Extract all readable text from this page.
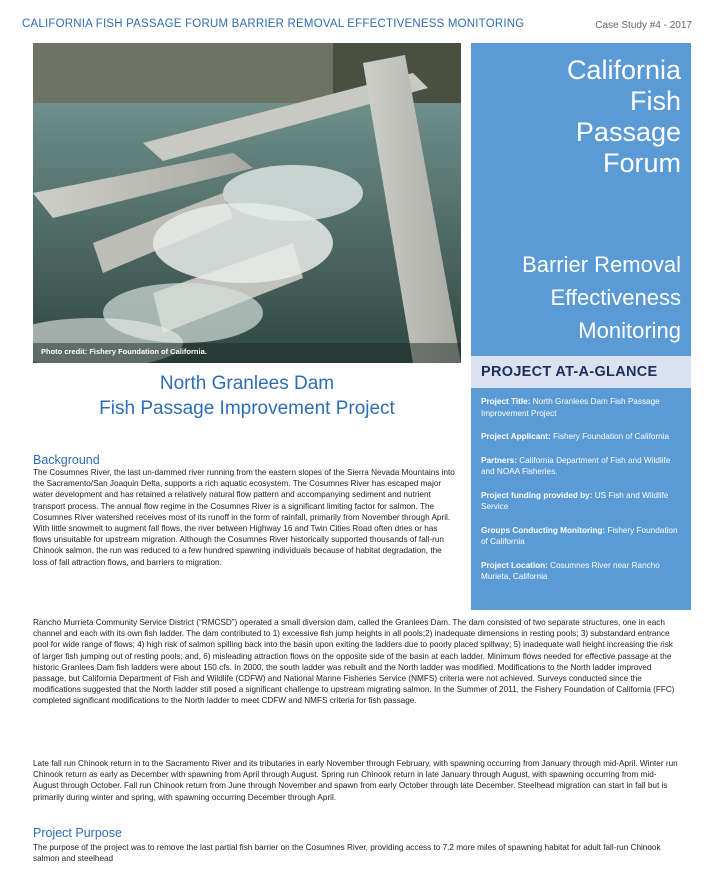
CALIFORNIA FISH PASSAGE FORUM BARRIER REMOVAL EFFECTIVENESS MONITORING	Case Study #4 - 2017
Photo credit: Fishery Foundation of California.
California
Fish
Passage
Forum
Barrier Removal
Effectiveness
Monitoring
PROJECT AT-A-GLANCE
Project Title: North Granlees Dam Fish Passage Improvement Project
Project Applicant: Fishery Foundation of California
Partners: California Department of Fish and Wildlife and NOAA Fisheries.
Project funding provided by: US Fish and Wildlife Service
Groups Conducting Monitoring: Fishery Foundation of California
Project Location: Cosumnes River near Rancho Murieta, California
North Granlees Dam
Fish Passage Improvement Project
Background
The Cosumnes River, the last un-dammed river running from the eastern slopes of the Sierra Nevada Mountains into the Sacramento/San Joaquin Delta, supports a rich aquatic ecosystem. The Cosumnes River has escaped major water development and has retained a relatively natural flow pattern and accompanying sediment and nutrient transport process. The annual flow regime in the Cosumnes River is a significant limiting factor for salmon. The Cosumnes River watershed receives most of its runoff in the form of rainfall, primarily from November through April. With little snowmelt to augment fall flows, the river between Highway 16 and Twin Cities Road often dries or has flows unsuitable for upstream migration. Although the Cosumnes River historically supported thousands of fall-run Chinook salmon, the run was reduced to a few hundred spawning individuals because of habitat degradation, the loss of fall attraction flows, and barriers to migration.
Rancho Murrieta Community Service District (“RMCSD”) operated a small diversion dam, called the Granlees Dam. The dam consisted of two separate structures, one in each channel and each with its own fish ladder. The dam contributed to 1) excessive fish jump heights in all pools;2) inadequate dimensions in resting pools; 3) substandard entrance pool for wide range of flows; 4) high risk of salmon spilling back into the basin upon exiting the ladders due to poorly placed spillway; 5) inadequate wall height increasing the risk of larger fish jumping out of resting pools; and, 6) misleading attraction flows on the opposite side of the basin at each ladder. Minimum flows needed for effective passage at the historic Granlees Dam fish ladders were about 150 cfs. In 2000, the south ladder was rebuilt and the North ladder was modified. Modifications to the North ladder improved passage, but California Department of Fish and Wildlife (CDFW) and National Marine Fisheries Service (NMFS) criteria were not achieved. Surveys conducted since the modifications suggested that the North ladder still posed a significant challenge to upstream migrating salmon. In the Summer of 2011, the Fishery Foundation of California (FFC) completed significant modifications to the North ladder to meet CDFW and NMFS criteria for fish passage.
Late fall run Chinook return in to the Sacramento River and its tributaries in early November through February, with spawning occurring from January through mid-April. Winter run Chinook return as early as December with spawning from April through August. Spring run Chinook return in late January through August, with spawning occurring from mid-August through October. Fall run Chinook return from June through November and spawn from early October through late December. Steelhead migration can start in fall but is primarily during winter and spring, with spawning occurring December through April.
Project Purpose
The purpose of the project was to remove the last partial fish barrier on the Cosumnes River, providing access to 7.2 more miles of spawning habitat for adult fall-run Chinook salmon and steelhead
